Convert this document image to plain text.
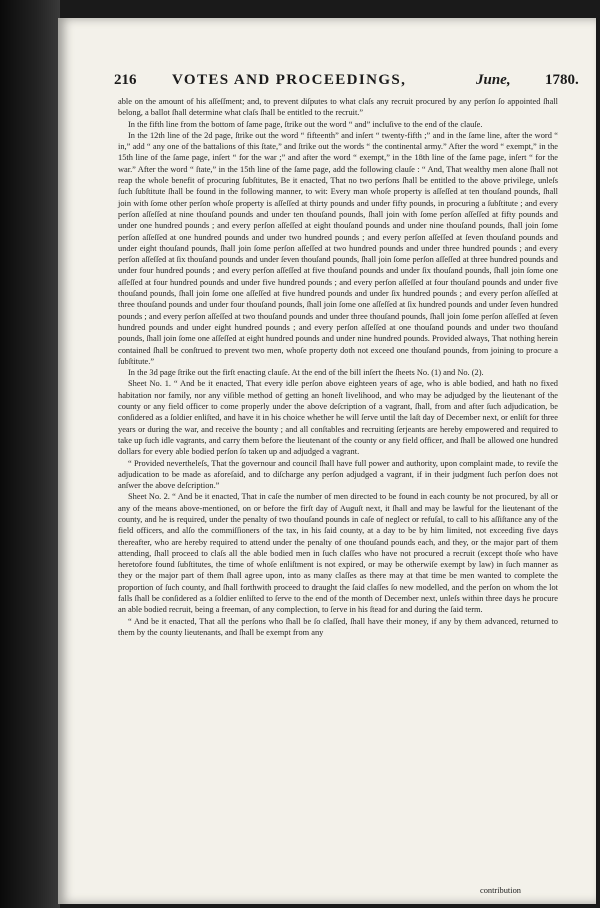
216 VOTES AND PROCEEDINGS,	June, 1780.

able on the amount of his aſſeſſment; and, to prevent diſputes to what claſs any recruit procured by any perſon ſo appointed ſhall belong, a ballot ſhall determine what claſs ſhall be entitled to the recruit.”

In the fifth line from the bottom of ſame page, ſtrike out the word “ and” incluſive to the end of the clauſe.

In the 12th line of the 2d page, ſtrike out the word “ fifteenth” and inſert “ twenty-fifth ;” and in the ſame line, after the word “ in,” add “ any one of the battalions of this ſtate,” and ſtrike out the words “ the continental army.” After the word “ exempt,” in the 15th line of the ſame page, inſert “ for the war ;” and after the word “ exempt,” in the 18th line of the ſame page, inſert “ for the war.” After the word “ ſtate,” in the 15th line of the ſame page, add the following clauſe : “ And, That wealthy men alone ſhall not reap the whole benefit of procuring ſubſtitutes, Be it enacted, That no two perſons ſhall be entitled to the above privilege, unleſs ſuch ſubſtitute ſhall be found in the following manner, to wit: Every man whoſe property is aſſeſſed at ten thouſand pounds, ſhall join with ſome other perſon whoſe property is aſſeſſed at thirty pounds and under fifty pounds, in procuring a ſubſtitute ; and every perſon aſſeſſed at nine thouſand pounds and under ten thouſand pounds, ſhall join with ſome perſon aſſeſſed at fifty pounds and under one hundred pounds ; and every perſon aſſeſſed at eight thouſand pounds and under nine thouſand pounds, ſhall join ſome perſon aſſeſſed at one hundred pounds and under two hundred pounds ; and every perſon aſſeſſed at ſeven thouſand pounds and under eight thouſand pounds, ſhall join ſome perſon aſſeſſed at two hundred pounds and under three hundred pounds ; and every perſon aſſeſſed at ſix thouſand pounds and under ſeven thouſand pounds, ſhall join ſome perſon aſſeſſed at three hundred pounds and under four hundred pounds ; and every perſon aſſeſſed at five thouſand pounds and under ſix thouſand pounds, ſhall join ſome one aſſeſſed at four hundred pounds and under five hundred pounds ; and every perſon aſſeſſed at four thouſand pounds and under five thouſand pounds, ſhall join ſome one aſſeſſed at five hundred pounds and under ſix hundred pounds ; and every perſon aſſeſſed at three thouſand pounds and under four thouſand pounds, ſhall join ſome one aſſeſſed at ſix hundred pounds and under ſeven hundred pounds ; and every perſon aſſeſſed at two thouſand pounds and under three thouſand pounds, ſhall join ſome perſon aſſeſſed at ſeven hundred pounds and under eight hundred pounds ; and every perſon aſſeſſed at one thouſand pounds and under two thouſand pounds, ſhall join ſome one aſſeſſed at eight hundred pounds and under nine hundred pounds. Provided always, That nothing herein contained ſhall be conſtrued to prevent two men, whoſe property doth not exceed one thouſand pounds, from joining to procure a ſubſtitute.”

In the 3d page ſtrike out the firſt enacting clauſe. At the end of the bill inſert the ſheets No. (1) and No. (2).

Sheet No. 1. “ And be it enacted, That every idle perſon above eighteen years of age, who is able bodied, and hath no fixed habitation nor family, nor any viſible method of getting an honeſt livelihood, and who may be adjudged by the lieutenant of the county or any field officer to come properly under the above deſcription of a vagrant, ſhall, from and after ſuch adjudication, be conſidered as a ſoldier enliſted, and have it in his choice whether he will ſerve until the laſt day of December next, or enliſt for three years or during the war, and receive the bounty ; and all conſtables and recruiting ſerjeants are hereby empowered and required to take up ſuch idle vagrants, and carry them before the lieutenant of the county or any field officer, and ſhall be allowed one hundred dollars for every able bodied perſon ſo taken up and adjudged a vagrant.

“ Provided nevertheleſs, That the governour and council ſhall have full power and authority, upon complaint made, to reviſe the adjudication to be made as aforeſaid, and to diſcharge any perſon adjudged a vagrant, if in their judgment ſuch perſon does not anſwer the above deſcription.”

Sheet No. 2. “ And be it enacted, That in caſe the number of men directed to be found in each county be not procured, by all or any of the means above-mentioned, on or before the firſt day of Auguſt next, it ſhall and may be lawful for the lieutenant of the county, and he is required, under the penalty of two thouſand pounds in caſe of neglect or refuſal, to call to his aſſiſtance any of the field officers, and alſo the commiſſioners of the tax, in his ſaid county, at a day to be by him limited, not exceeding five days thereafter, who are hereby required to attend under the penalty of one thouſand pounds each, and they, or the major part of them attending, ſhall proceed to claſs all the able bodied men in ſuch claſſes who have not procured a recruit (except thoſe who have heretofore found ſubſtitutes, the time of whoſe enliſtment is not expired, or may be otherwiſe exempt by law) in ſuch manner as they or the major part of them ſhall agree upon, into as many claſſes as there may at that time be men wanted to complete the proportion of ſuch county, and ſhall forthwith proceed to draught the ſaid claſſes ſo new modelled, and the perſon on whom the lot falls ſhall be conſidered as a ſoldier enliſted to ſerve to the end of the month of December next, unleſs within three days he procure an able bodied recruit, being a freeman, of any complection, to ſerve in his ſtead for and during the ſaid term.

“ And be it enacted, That all the perſons who ſhall be ſo claſſed, ſhall have their money, if any by them advanced, returned to them by the county lieutenants, and ſhall be exempt from any

contribution
